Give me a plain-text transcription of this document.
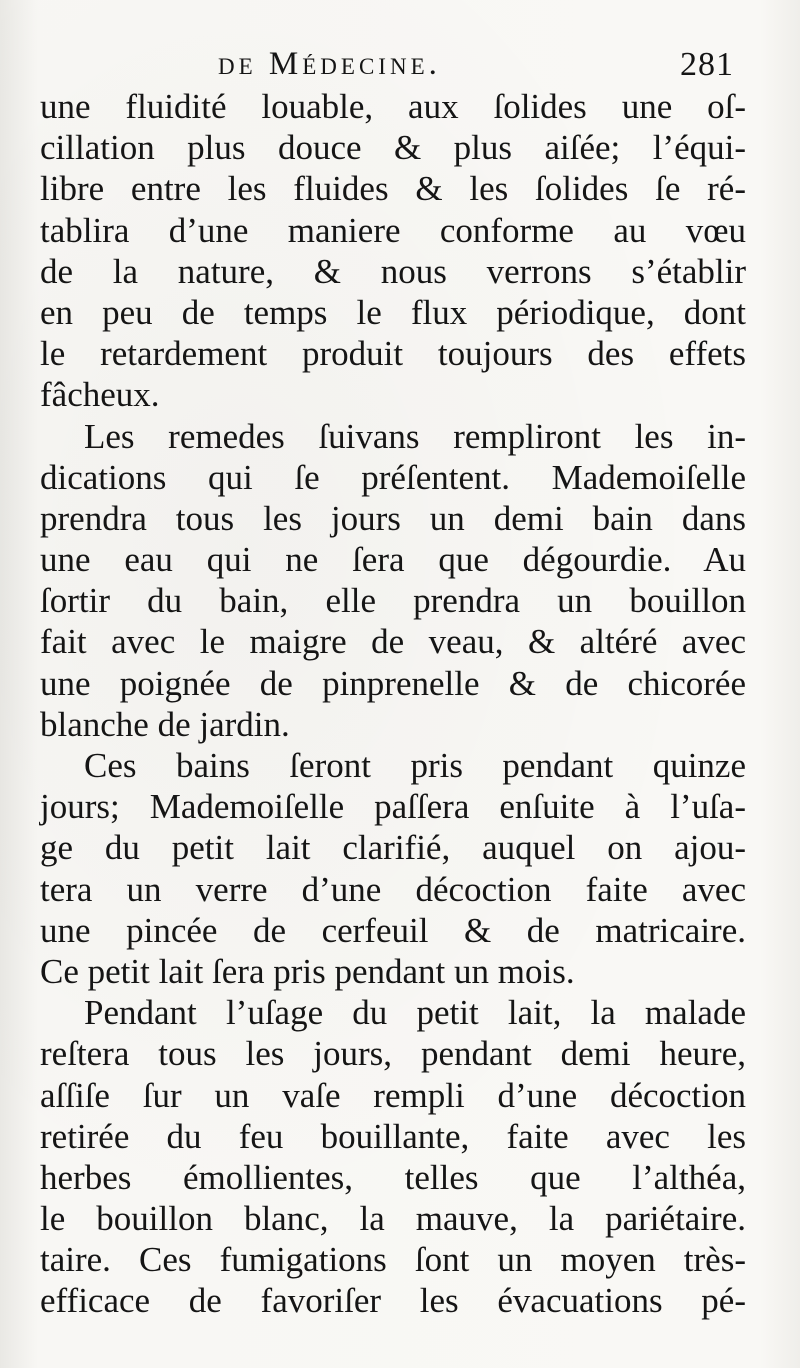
de Médecine.	281
une fluidité louable, aux ſolides une oſ-
cillation plus douce & plus aiſée; l’équi-
libre entre les fluides & les ſolides ſe ré-
tablira d’une maniere conforme au vœu
de la nature, & nous verrons s’établir
en peu de temps le flux périodique, dont
le retardement produit toujours des effets
fâcheux.
Les remedes ſuivans rempliront les in-
dications qui ſe préſentent. Mademoiſelle
prendra tous les jours un demi bain dans
une eau qui ne ſera que dégourdie. Au
ſortir du bain, elle prendra un bouillon
fait avec le maigre de veau, & altéré avec
une poignée de pinprenelle & de chicorée
blanche de jardin.
Ces bains ſeront pris pendant quinze
jours; Mademoiſelle paſſera enſuite à l’uſa-
ge du petit lait clarifié, auquel on ajou-
tera un verre d’une décoction faite avec
une pincée de cerfeuil & de matricaire.
Ce petit lait ſera pris pendant un mois.
Pendant l’uſage du petit lait, la malade
reſtera tous les jours, pendant demi heure,
aſſiſe ſur un vaſe rempli d’une décoction
retirée du feu bouillante, faite avec les
herbes émollientes, telles que l’althéa,
le bouillon blanc, la mauve, la pariétaire.
taire. Ces fumigations ſont un moyen très-
efficace de favoriſer les évacuations pé-
